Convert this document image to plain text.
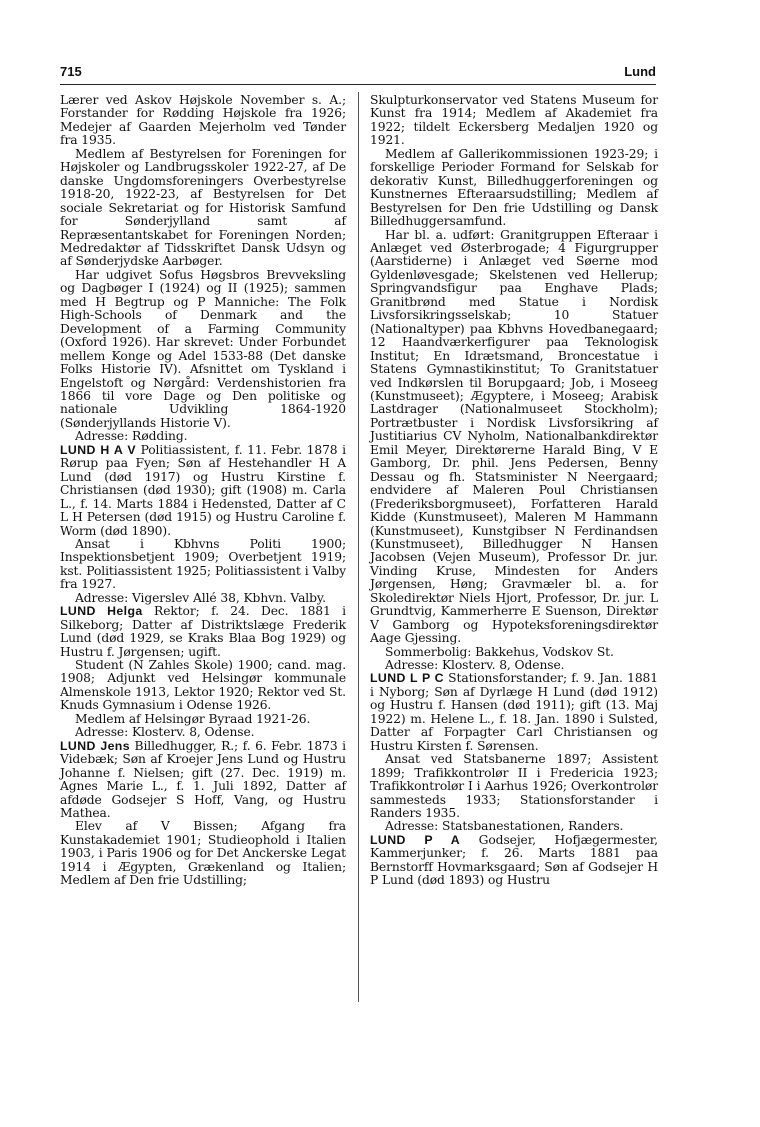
715	Lund

Lærer ved Askov Højskole November s. A.; Forstander for Rødding Højskole fra 1926; Medejer af Gaarden Mejerholm ved Tønder fra 1935.

Medlem af Bestyrelsen for Foreningen for Højskoler og Landbrugsskoler 1922-27, af De danske Ungdomsforeningers Overbestyrelse 1918-20, 1922-23, af Bestyrelsen for Det sociale Sekretariat og for Historisk Samfund for Sønderjylland samt af Repræsentantskabet for Foreningen Norden; Medredaktør af Tidsskriftet Dansk Udsyn og af Sønderjydske Aarbøger.

Har udgivet Sofus Høgsbros Brevveksling og Dagbøger I (1924) og II (1925); sammen med H Begtrup og P Manniche: The Folk High-Schools of Denmark and the Development of a Farming Community (Oxford 1926). Har skrevet: Under Forbundet mellem Konge og Adel 1533-88 (Det danske Folks Historie IV). Afsnittet om Tyskland i Engelstoft og Nørgård: Verdenshistorien fra 1866 til vore Dage og Den politiske og nationale Udvikling 1864-1920 (Sønderjyllands Historie V).

Adresse: Rødding.

LUND H A V Politiassistent, f. 11. Febr. 1878 i Rørup paa Fyen; Søn af Hestehandler H A Lund (død 1917) og Hustru Kirstine f. Christiansen (død 1930); gift (1908) m. Carla L., f. 14. Marts 1884 i Hedensted, Datter af C L H Petersen (død 1915) og Hustru Caroline f. Worm (død 1890).

Ansat i Kbhvns Politi 1900; Inspektionsbetjent 1909; Overbetjent 1919; kst. Politiassistent 1925; Politiassistent i Valby fra 1927.

Adresse: Vigerslev Allé 38, Kbhvn. Valby.

LUND Helga Rektor; f. 24. Dec. 1881 i Silkeborg; Datter af Distriktslæge Frederik Lund (død 1929, se Kraks Blaa Bog 1929) og Hustru f. Jørgensen; ugift.

Student (N Zahles Skole) 1900; cand. mag. 1908; Adjunkt ved Helsingør kommunale Almenskole 1913, Lektor 1920; Rektor ved St. Knuds Gymnasium i Odense 1926.

Medlem af Helsingør Byraad 1921-26.

Adresse: Klosterv. 8, Odense.

LUND Jens Billedhugger, R.; f. 6. Febr. 1873 i Videbæk; Søn af Kroejer Jens Lund og Hustru Johanne f. Nielsen; gift (27. Dec. 1919) m. Agnes Marie L., f. 1. Juli 1892, Datter af afdøde Godsejer S Hoff, Vang, og Hustru Mathea.

Elev af V Bissen; Afgang fra Kunstakademiet 1901; Studieophold i Italien 1903, i Paris 1906 og for Det Anckerske Legat 1914 i Ægypten, Grækenland og Italien; Medlem af Den frie Udstilling;

Skulpturkonservator ved Statens Museum for Kunst fra 1914; Medlem af Akademiet fra 1922; tildelt Eckersberg Medaljen 1920 og 1921.

Medlem af Gallerikommissionen 1923-29; i forskellige Perioder Formand for Selskab for dekorativ Kunst, Billedhuggerforeningen og Kunstnernes Efteraarsudstilling; Medlem af Bestyrelsen for Den frie Udstilling og Dansk Billedhuggersamfund.

Har bl. a. udført: Granitgruppen Efteraar i Anlæget ved Østerbrogade; 4 Figurgrupper (Aarstiderne) i Anlæget ved Søerne mod Gyldenløvesgade; Skelstenen ved Hellerup; Springvandsfigur paa Enghave Plads; Granitbrønd med Statue i Nordisk Livsforsikringsselskab; 10 Statuer (Nationaltyper) paa Kbhvns Hovedbanegaard; 12 Haandværkerfigurer paa Teknologisk Institut; En Idrætsmand, Broncestatue i Statens Gymnastikinstitut; To Granitstatuer ved Indkørslen til Borupgaard; Job, i Moseeg (Kunstmuseet); Ægyptere, i Moseeg; Arabisk Lastdrager (Nationalmuseet Stockholm); Portrætbuster i Nordisk Livsforsikring af Justitiarius CV Nyholm, Nationalbankdirektør Emil Meyer, Direktørerne Harald Bing, V E Gamborg, Dr. phil. Jens Pedersen, Benny Dessau og fh. Statsminister N Neergaard; endvidere af Maleren Poul Christiansen (Frederiksborgmuseet), Forfatteren Harald Kidde (Kunstmuseet), Maleren M Hammann (Kunstmuseet), Kunstgibser N Ferdinandsen (Kunstmuseet), Billedhugger N Hansen Jacobsen (Vejen Museum), Professor Dr. jur. Vinding Kruse, Mindesten for Anders Jørgensen, Høng; Gravmæler bl. a. for Skoledirektør Niels Hjort, Professor, Dr. jur. L Grundtvig, Kammerherre E Suenson, Direktør V Gamborg og Hypoteksforeningsdirektør Aage Gjessing.

Sommerbolig: Bakkehus, Vodskov St.

Adresse: Klosterv. 8, Odense.

LUND L P C Stationsforstander; f. 9. Jan. 1881 i Nyborg; Søn af Dyrlæge H Lund (død 1912) og Hustru f. Hansen (død 1911); gift (13. Maj 1922) m. Helene L., f. 18. Jan. 1890 i Sulsted, Datter af Forpagter Carl Christiansen og Hustru Kirsten f. Sørensen.

Ansat ved Statsbanerne 1897; Assistent 1899; Trafikkontrolør II i Fredericia 1923; Trafikkontrolør I i Aarhus 1926; Overkontrolør sammesteds 1933; Stationsforstander i Randers 1935.

Adresse: Statsbanestationen, Randers.

LUND P A Godsejer, Hofjægermester, Kammerjunker; f. 26. Marts 1881 paa Bernstorff Hovmarksgaard; Søn af Godsejer H P Lund (død 1893) og Hustru
